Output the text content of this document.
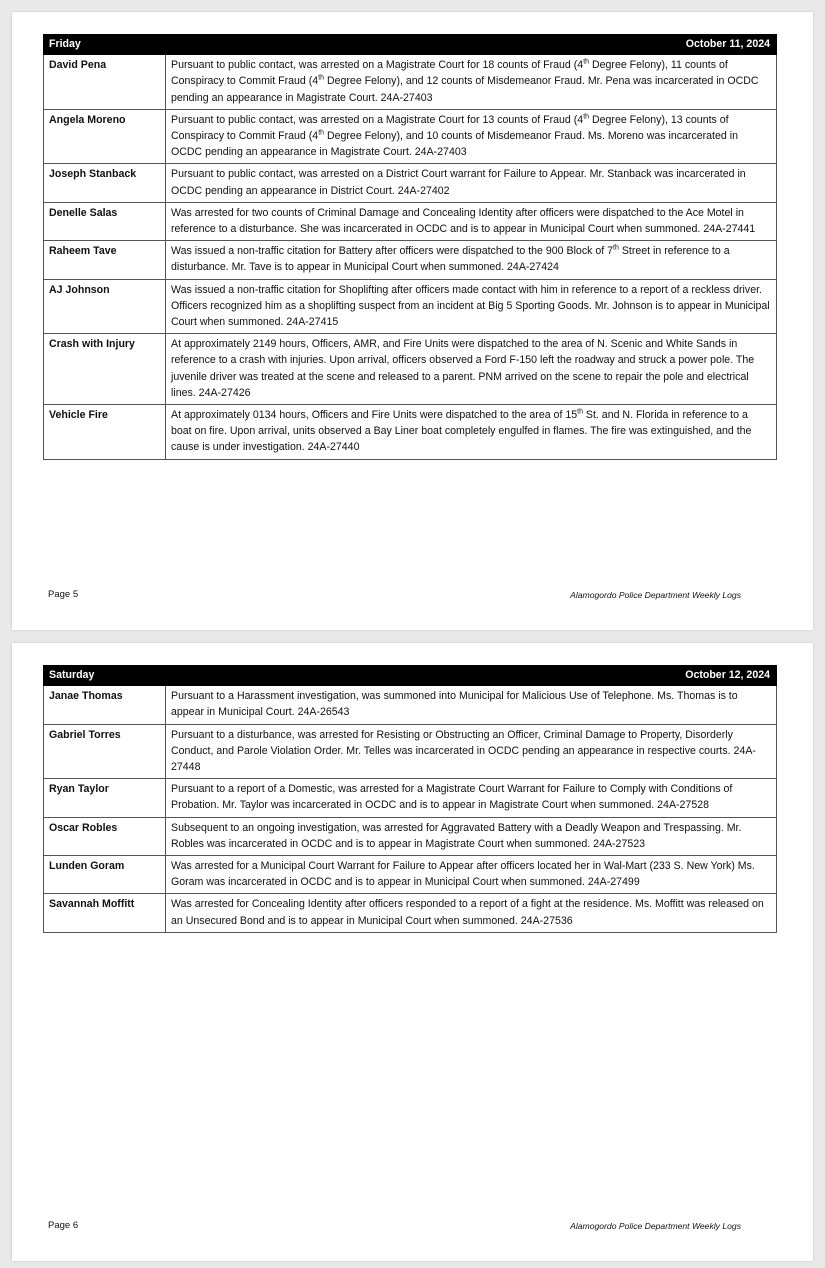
Friday	October 11, 2024
David Pena	Pursuant to public contact, was arrested on a Magistrate Court for 18 counts of Fraud (4th Degree Felony), 11 counts of Conspiracy to Commit Fraud (4th Degree Felony), and 12 counts of Misdemeanor Fraud. Mr. Pena was incarcerated in OCDC pending an appearance in Magistrate Court. 24A-27403
Angela Moreno	Pursuant to public contact, was arrested on a Magistrate Court for 13 counts of Fraud (4th Degree Felony), 13 counts of Conspiracy to Commit Fraud (4th Degree Felony), and 10 counts of Misdemeanor Fraud. Ms. Moreno was incarcerated in OCDC pending an appearance in Magistrate Court. 24A-27403
Joseph Stanback	Pursuant to public contact, was arrested on a District Court warrant for Failure to Appear. Mr. Stanback was incarcerated in OCDC pending an appearance in District Court. 24A-27402
Denelle Salas	Was arrested for two counts of Criminal Damage and Concealing Identity after officers were dispatched to the Ace Motel in reference to a disturbance. She was incarcerated in OCDC and is to appear in Municipal Court when summoned. 24A-27441
Raheem Tave	Was issued a non-traffic citation for Battery after officers were dispatched to the 900 Block of 7th Street in reference to a disturbance. Mr. Tave is to appear in Municipal Court when summoned. 24A-27424
AJ Johnson	Was issued a non-traffic citation for Shoplifting after officers made contact with him in reference to a report of a reckless driver. Officers recognized him as a shoplifting suspect from an incident at Big 5 Sporting Goods. Mr. Johnson is to appear in Municipal Court when summoned. 24A-27415
Crash with Injury	At approximately 2149 hours, Officers, AMR, and Fire Units were dispatched to the area of N. Scenic and White Sands in reference to a crash with injuries. Upon arrival, officers observed a Ford F-150 left the roadway and struck a power pole. The juvenile driver was treated at the scene and released to a parent. PNM arrived on the scene to repair the pole and electrical lines. 24A-27426
Vehicle Fire	At approximately 0134 hours, Officers and Fire Units were dispatched to the area of 15th St. and N. Florida in reference to a boat on fire. Upon arrival, units observed a Bay Liner boat completely engulfed in flames. The fire was extinguished, and the cause is under investigation. 24A-27440
Page 5	Alamogordo Police Department Weekly Logs
Saturday	October 12, 2024
Janae Thomas	Pursuant to a Harassment investigation, was summoned into Municipal for Malicious Use of Telephone. Ms. Thomas is to appear in Municipal Court. 24A-26543
Gabriel Torres	Pursuant to a disturbance, was arrested for Resisting or Obstructing an Officer, Criminal Damage to Property, Disorderly Conduct, and Parole Violation Order. Mr. Telles was incarcerated in OCDC pending an appearance in respective courts. 24A-27448
Ryan Taylor	Pursuant to a report of a Domestic, was arrested for a Magistrate Court Warrant for Failure to Comply with Conditions of Probation. Mr. Taylor was incarcerated in OCDC and is to appear in Magistrate Court when summoned. 24A-27528
Oscar Robles	Subsequent to an ongoing investigation, was arrested for Aggravated Battery with a Deadly Weapon and Trespassing. Mr. Robles was incarcerated in OCDC and is to appear in Magistrate Court when summoned. 24A-27523
Lunden Goram	Was arrested for a Municipal Court Warrant for Failure to Appear after officers located her in Wal-Mart (233 S. New York) Ms. Goram was incarcerated in OCDC and is to appear in Municipal Court when summoned. 24A-27499
Savannah Moffitt	Was arrested for Concealing Identity after officers responded to a report of a fight at the residence. Ms. Moffitt was released on an Unsecured Bond and is to appear in Municipal Court when summoned. 24A-27536
Page 6	Alamogordo Police Department Weekly Logs
